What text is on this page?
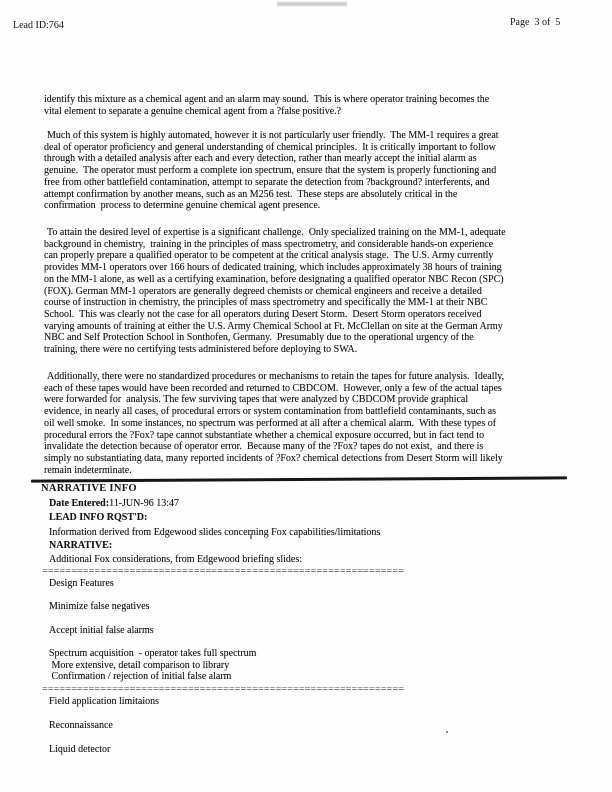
Lead ID:764	Page  3 of  5
identify this mixture as a chemical agent and an alarm may sound.  This is where operator training becomes the
vital element to separate a genuine chemical agent from a ?false positive.?
Much of this system is highly automated, however it is not particularly user friendly.  The MM-1 requires a great
deal of operator proficiency and general understanding of chemical principles.  It is critically important to follow
through with a detailed analysis after each and every detection, rather than mearly accept the initial alarm as
genuine.  The operator must perform a complete ion spectrum, ensure that the system is properly functioning and
free from other battlefield contamination, attempt to separate the detection from ?background? interferents, and
attempt confirmation by another means, such as an M256 test.  These steps are absolutely critical in the
confirmation  process to determine genuine chemical agent presence.
To attain the desired level of expertise is a significant challenge.  Only specialized training on the MM-1, adequate
background in chemistry,  training in the principles of mass spectrometry, and considerable hands-on experience
can properly prepare a qualified operator to be competent at the critical analysis stage.  The U.S. Army currently
provides MM-1 operators over 166 hours of dedicated training, which includes approximately 38 hours of training
on the MM-1 alone, as well as a certifying examination, before designating a qualified operator NBC Recon (SPC)
(FOX). German MM-1 operators are generally degreed chemists or chemical engineers and receive a detailed
course of instruction in chemistry, the principles of mass spectrometry and specifically the MM-1 at their NBC
School.  This was clearly not the case for all operators during Desert Storm.  Desert Storm operators received
varying amounts of training at either the U.S. Army Chemical School at Ft. McClellan on site at the German Army
NBC and Self Protection School in Sonthofen, Germany.  Presumably due to the operational urgency of the
training, there were no certifying tests administered before deploying to SWA.
Additionally, there were no standardized procedures or mechanisms to retain the tapes for future analysis.  Ideally,
each of these tapes would have been recorded and returned to CBDCOM.  However, only a few of the actual tapes
were forwarded for  analysis. The few surviving tapes that were analyzed by CBDCOM provide graphical
evidence, in nearly all cases, of procedural errors or system contamination from battlefield contaminants, such as
oil well smoke.  In some instances, no spectrum was performed at all after a chemical alarm.  With these types of
procedural errors the ?Fox? tape cannot substantiate whether a chemical exposure occurred, but in fact tend to
invalidate the detection because of operator error.  Because many of the ?Fox? tapes do not exist,  and there is
simply no substantiating data, many reported incidents of ?Fox? chemical detections from Desert Storm will likely
remain indeterminate.
NARRATIVE INFO
Date Entered:11-JUN-96 13:47
LEAD INFO RQST'D:
Information derived from Edgewood slides concerning Fox capabilities/limitations
NARRATIVE:
Additional Fox considerations, from Edgewood briefing slides:
==============================================================
Design Features
Minimize false negatives
Accept initial false alarms
Spectrum acquisition  - operator takes full spectrum
More extensive, detail comparison to library
Confirmation / rejection of initial false alarm
==============================================================
Field application limitaions
Reconnaissance
Liquid detector
